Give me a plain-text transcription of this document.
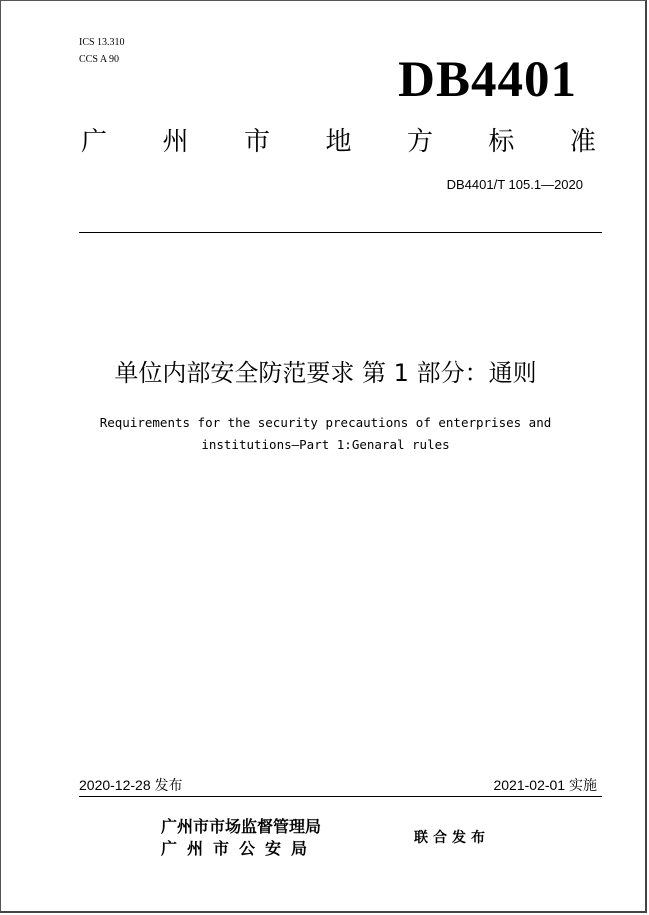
ICS 13.310
CCS A 90	DB4401
广 州 市 地 方 标 准
DB4401/T 105.1—2020
单位内部安全防范要求 第 1 部分：通则
Requirements for the security precautions of enterprises and
institutions—Part 1:Genaral rules
2020-12-28 发布	2021-02-01 实施
广州市市场监督管理局
广州市公安局
联合发布
